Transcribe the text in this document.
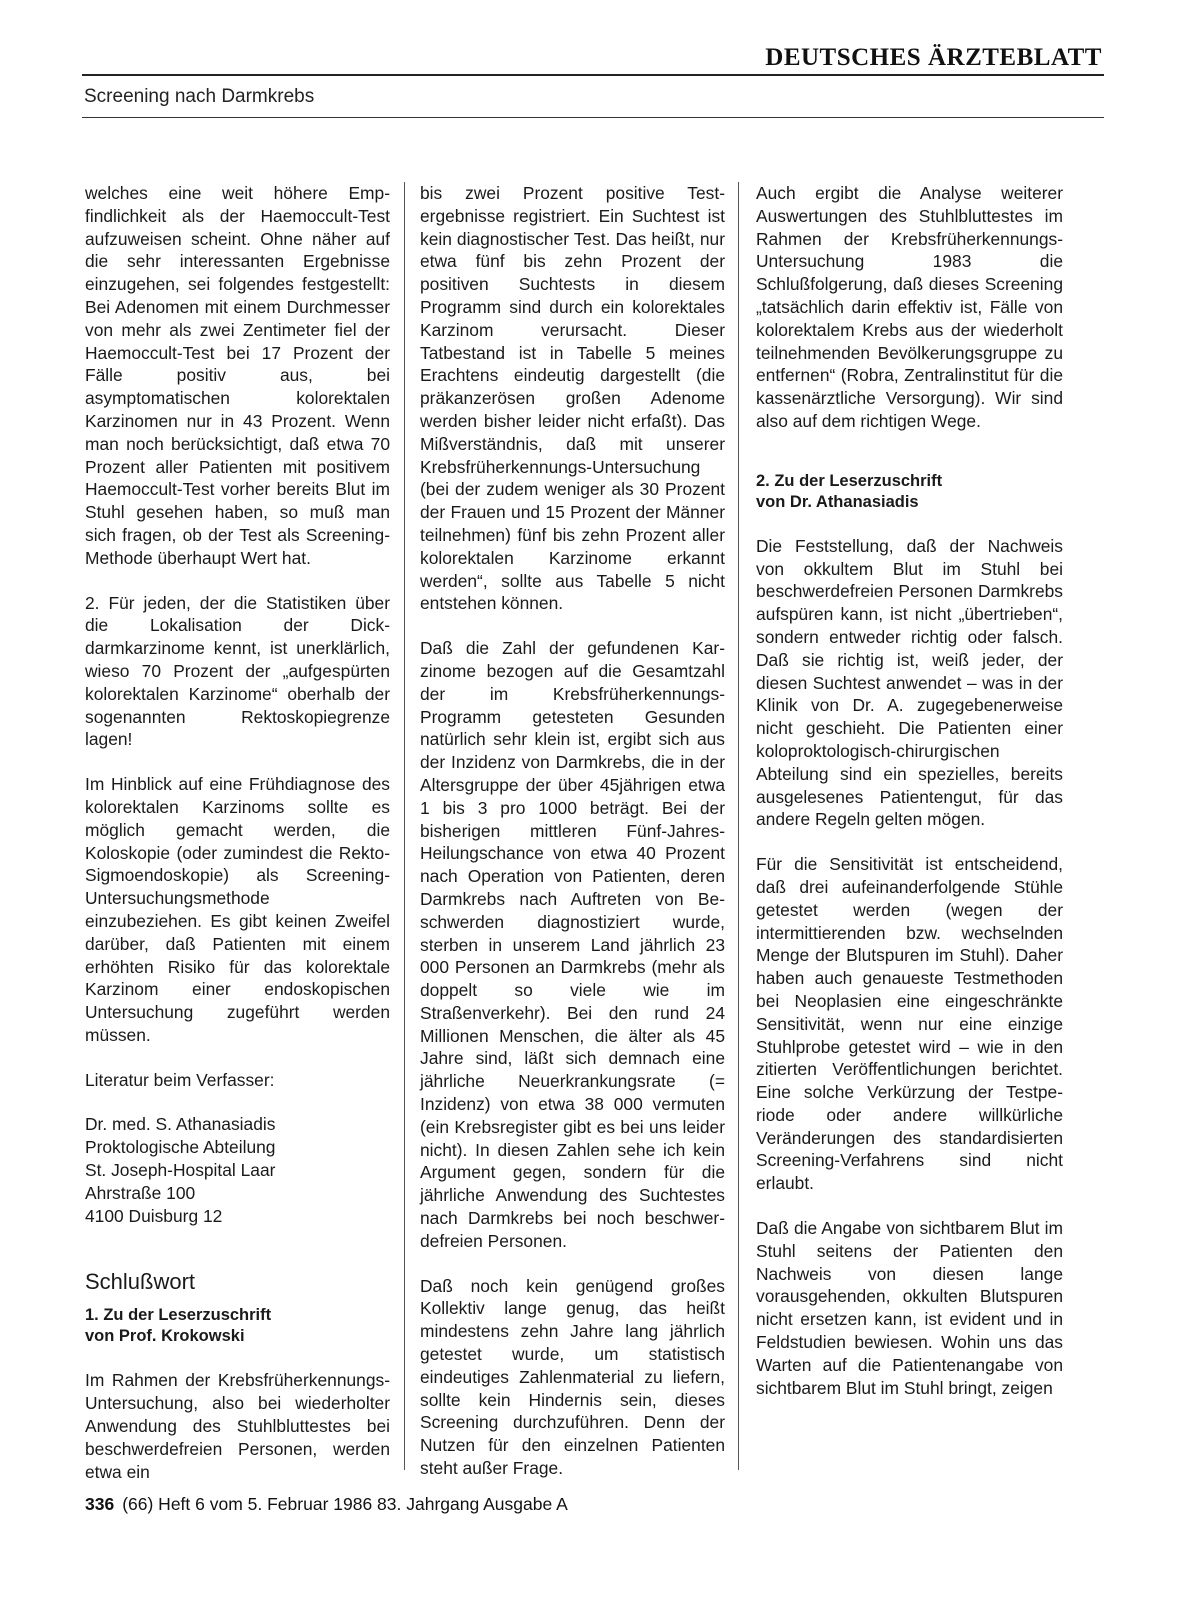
DEUTSCHES ÄRZTEBLATT
Screening nach Darmkrebs

welches eine weit höhere Empfindlichkeit als der Haemoccult-Test aufzuweisen scheint. Ohne näher auf die sehr interessanten Ergebnisse einzugehen, sei folgendes festgestellt: Bei Adenomen mit einem Durchmesser von mehr als zwei Zentimeter fiel der Haemoccult-Test bei 17 Prozent der Fälle positiv aus, bei asymptomatischen kolorektalen Karzinomen nur in 43 Prozent. Wenn man noch berücksichtigt, daß etwa 70 Prozent aller Patienten mit positivem Haemoccult-Test vorher bereits Blut im Stuhl gesehen haben, so muß man sich fragen, ob der Test als Screening-Methode überhaupt Wert hat.

2. Für jeden, der die Statistiken über die Lokalisation der Dickdarmkarzinome kennt, ist unerklärlich, wieso 70 Prozent der „aufgespürten kolorektalen Karzinome“ oberhalb der sogenannten Rektoskopiegrenze lagen!

Im Hinblick auf eine Frühdiagnose des kolorektalen Karzinoms sollte es möglich gemacht werden, die Koloskopie (oder zumindest die Rekto-Sigmoendoskopie) als Screening-Untersuchungsmethode einzubeziehen. Es gibt keinen Zweifel darüber, daß Patienten mit einem erhöhten Risiko für das kolorektale Karzinom einer endoskopischen Untersuchung zugeführt werden müssen.

Literatur beim Verfasser:

Dr. med. S. Athanasiadis
Proktologische Abteilung
St. Joseph-Hospital Laar
Ahrstraße 100
4100 Duisburg 12
Schlußwort
1. Zu der Leserzuschrift
von Prof. Krokowski

Im Rahmen der Krebsfrüherkennungs-Untersuchung, also bei wiederholter Anwendung des Stuhlbluttestes bei beschwerdefreien Personen, werden etwa ein

bis zwei Prozent positive Testergebnisse registriert. Ein Suchtest ist kein diagnostischer Test. Das heißt, nur etwa fünf bis zehn Prozent der positiven Suchtests in diesem Programm sind durch ein kolorektales Karzinom verursacht. Dieser Tatbestand ist in Tabelle 5 meines Erachtens eindeutig dargestellt (die präkanzerösen großen Adenome werden bisher leider nicht erfaßt). Das Mißverständnis, daß mit unserer Krebsfrüherkennungs-Untersuchung (bei der zudem weniger als 30 Prozent der Frauen und 15 Prozent der Männer teilnehmen) fünf bis zehn Prozent aller kolorektalen Karzinome erkannt werden“, sollte aus Tabelle 5 nicht entstehen können.

Daß die Zahl der gefundenen Karzinome bezogen auf die Gesamtzahl der im Krebsfrüherkennungs-Programm getesteten Gesunden natürlich sehr klein ist, ergibt sich aus der Inzidenz von Darmkrebs, die in der Altersgruppe der über 45jährigen etwa 1 bis 3 pro 1000 beträgt. Bei der bisherigen mittleren Fünf-Jahres-Heilungschance von etwa 40 Prozent nach Operation von Patienten, deren Darmkrebs nach Auftreten von Beschwerden diagnostiziert wurde, sterben in unserem Land jährlich 23 000 Personen an Darmkrebs (mehr als doppelt so viele wie im Straßenverkehr). Bei den rund 24 Millionen Menschen, die älter als 45 Jahre sind, läßt sich demnach eine jährliche Neuerkrankungsrate (= Inzidenz) von etwa 38 000 vermuten (ein Krebsregister gibt es bei uns leider nicht). In diesen Zahlen sehe ich kein Argument gegen, sondern für die jährliche Anwendung des Suchtestes nach Darmkrebs bei noch beschwerdefreien Personen.

Daß noch kein genügend großes Kollektiv lange genug, das heißt mindestens zehn Jahre lang jährlich getestet wurde, um statistisch eindeutiges Zahlenmaterial zu liefern, sollte kein Hindernis sein, dieses Screening durchzuführen. Denn der Nutzen für den einzelnen Patienten steht außer Frage.

Auch ergibt die Analyse weiterer Auswertungen des Stuhlbluttestes im Rahmen der Krebsfrüherkennungs-Untersuchung 1983 die Schlußfolgerung, daß dieses Screening „tatsächlich darin effektiv ist, Fälle von kolorektalem Krebs aus der wiederholt teilnehmenden Bevölkerungsgruppe zu entfernen“ (Robra, Zentralinstitut für die kassenärztliche Versorgung). Wir sind also auf dem richtigen Wege.

2. Zu der Leserzuschrift
von Dr. Athanasiadis

Die Feststellung, daß der Nachweis von okkultem Blut im Stuhl bei beschwerdefreien Personen Darmkrebs aufspüren kann, ist nicht „übertrieben“, sondern entweder richtig oder falsch. Daß sie richtig ist, weiß jeder, der diesen Suchtest anwendet – was in der Klinik von Dr. A. zugegebenerweise nicht geschieht. Die Patienten einer koloproktologisch-chirurgischen Abteilung sind ein spezielles, bereits ausgelesenes Patientengut, für das andere Regeln gelten mögen.

Für die Sensitivität ist entscheidend, daß drei aufeinanderfolgende Stühle getestet werden (wegen der intermittierenden bzw. wechselnden Menge der Blutspuren im Stuhl). Daher haben auch genaueste Testmethoden bei Neoplasien eine eingeschränkte Sensitivität, wenn nur eine einzige Stuhlprobe getestet wird – wie in den zitierten Veröffentlichungen berichtet. Eine solche Verkürzung der Testperiode oder andere willkürliche Veränderungen des standardisierten Screening-Verfahrens sind nicht erlaubt.

Daß die Angabe von sichtbarem Blut im Stuhl seitens der Patienten den Nachweis von diesen lange vorausgehenden, okkulten Blutspuren nicht ersetzen kann, ist evident und in Feldstudien bewiesen. Wohin uns das Warten auf die Patientenangabe von sichtbarem Blut im Stuhl bringt, zeigen

336 (66) Heft 6 vom 5. Februar 1986 83. Jahrgang Ausgabe A
